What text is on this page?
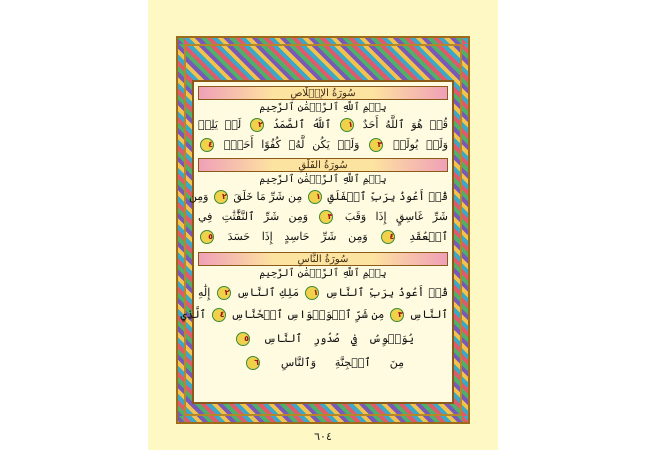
سُورَةُ الإخۡلَاصِ
بِسۡمِ ٱللَّهِ ٱلرَّحۡمَٰنِ ٱلرَّحِيمِ
قُلۡ هُوَ ٱللَّهُ أَحَدٌ ١ ٱللَّهُ ٱلصَّمَدُ ٢ لَمۡ يَلِدۡ
وَلَمۡ يُولَدۡ ٣ وَلَمۡ يَكُن لَّهُۥ كُفُوًا أَحَدُۢ ٤
سُورَةُ الفَلَقِ
بِسۡمِ ٱللَّهِ ٱلرَّحۡمَٰنِ ٱلرَّحِيمِ
قُلۡ أَعُوذُ بِرَبِّ ٱلۡفَلَقِ ١ مِن شَرِّ مَا خَلَقَ ٢ وَمِن
شَرِّ غَاسِقٍ إِذَا وَقَبَ ٣ وَمِن شَرِّ ٱلنَّفَّٰثَٰتِ فِي
ٱلۡعُقَدِ ٤ وَمِن شَرِّ حَاسِدٍ إِذَا حَسَدَ ٥
سُورَةُ النَّاسِ
بِسۡمِ ٱللَّهِ ٱلرَّحۡمَٰنِ ٱلرَّحِيمِ
قُلۡ أَعُوذُ بِرَبِّ ٱلنَّاسِ ١ مَلِكِ ٱلنَّاسِ ٢ إِلَٰهِ
ٱلنَّاسِ ٣ مِن شَرِّ ٱلۡوَسۡوَاسِ ٱلۡخَنَّاسِ ٤ ٱلَّذِي
يُوَسۡوِسُ فِي صُدُورِ ٱلنَّاسِ ٥
مِنَ ٱلۡجِنَّةِ وَٱلنَّاسِ ٦
٦٠٤
